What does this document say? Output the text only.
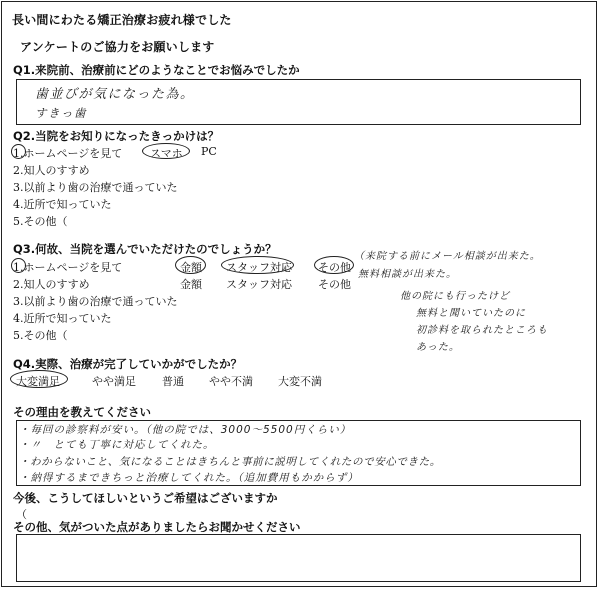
長い間にわたる矯正治療お疲れ様でした
アンケートのご協力をお願いします
Q1.来院前、治療前にどのようなことでお悩みでしたか
歯並びが気になった為。
すきっ歯
Q2.当院をお知りになったきっかけは？
1.ホームページを見て	スマホ PC
2.知人のすすめ
3.以前より歯の治療で通っていた
4.近所で知っていた
5.その他（
Q3.何故、当院を選んでいただけたのでしょうか？
1.ホームページを見て
2.知人のすすめ
3.以前より歯の治療で通っていた
4.近所で知っていた
5.その他（
金額
金額
スタッフ対応
スタッフ対応
その他
その他
（来院する前にメール相談が出来た。
無料相談が出来た。
他の院にも行ったけど
無料と聞いていたのに
初診料を取られたところも
あった。
Q4.実際、治療が完了していかがでしたか？
大変満足	やや満足 普通 やや不満 大変不満
その理由を教えてください
・毎回の診察料が安い。（他の院では、3000～5500円くらい）
・〃　とても丁寧に対応してくれた。
・わからないこと、気になることはきちんと事前に説明してくれたので安心できた。
・納得するまできちっと治療してくれた。（追加費用もかからず）
今後、こうしてほしいというご希望はございますか
（
その他、気がついた点がありましたらお聞かせください
